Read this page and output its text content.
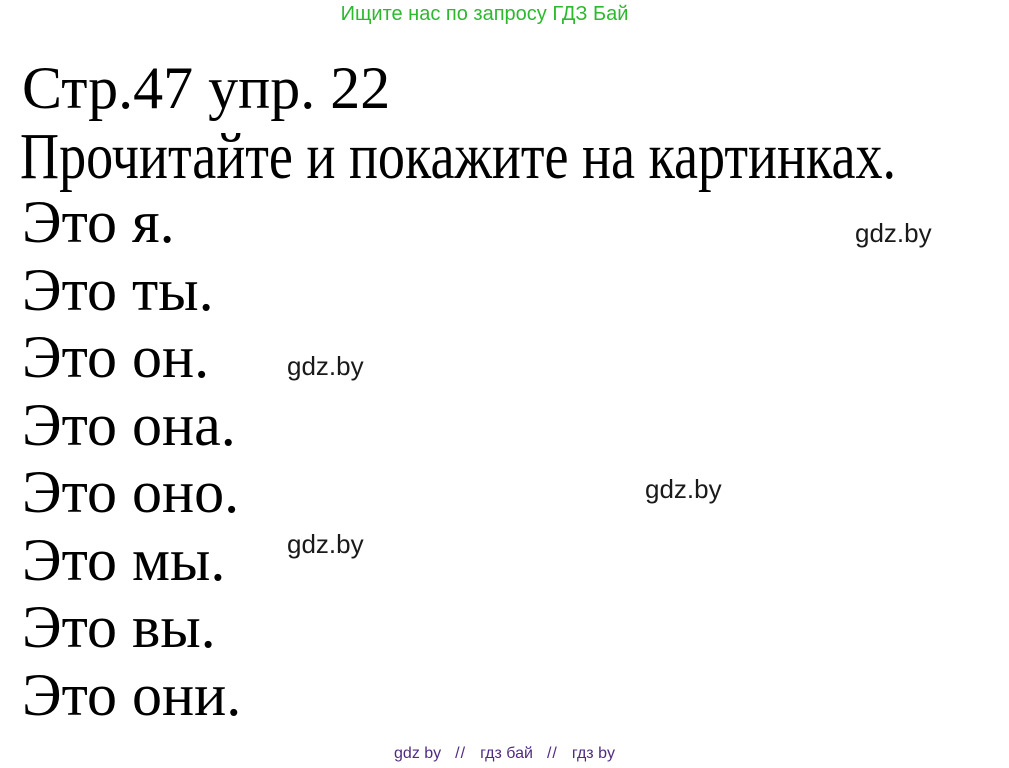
Ищите нас по запросу ГДЗ Бай
Стр.47 упр. 22
Прочитайте и покажите на картинках.
Это я.
Это ты.
Это он.
Это она.
Это оно.
Это мы.
Это вы.
Это они.
gdz.by
gdz.by
gdz.by
gdz.by
gdz by // гдз бай // гдз by
